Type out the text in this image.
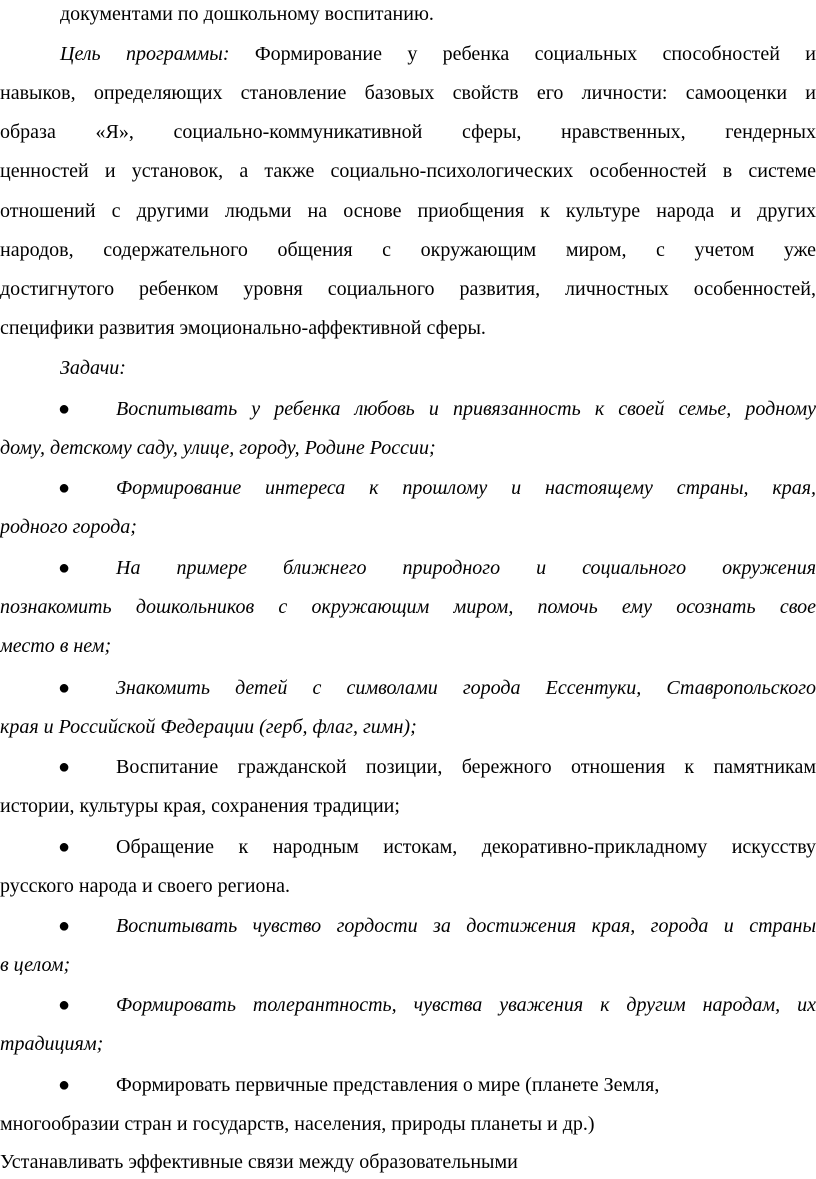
документами по дошкольному воспитанию.
Цель программы: Формирование у ребенка социальных способностей и
навыков, определяющих становление базовых свойств его личности: самооценки и
образа «Я», социально-коммуникативной сферы, нравственных, гендерных
ценностей и установок, а также социально-психологических особенностей в системе
отношений с другими людьми на основе приобщения к культуре народа и других
народов, содержательного общения с окружающим миром, с учетом уже
достигнутого ребенком уровня социального развития, личностных особенностей,
специфики развития эмоционально-аффективной сферы.
Задачи:
● Воспитывать у ребенка любовь и привязанность к своей семье, родному
дому, детскому саду, улице, городу, Родине России;
● Формирование интереса к прошлому и настоящему страны, края,
родного города;
● На примере ближнего природного и социального окружения
познакомить дошкольников с окружающим миром, помочь ему осознать свое
место в нем;
● Знакомить детей с символами города Ессентуки, Ставропольского
края и Российской Федерации (герб, флаг, гимн);
● Воспитание гражданской позиции, бережного отношения к памятникам
истории, культуры края, сохранения традиции;
● Обращение к народным истокам, декоративно-прикладному искусству
русского народа и своего региона.
● Воспитывать чувство гордости за достижения края, города и страны
в целом;
● Формировать толерантность, чувства уважения к другим народам, их
традициям;
● Формировать первичные представления о мире (планете Земля,
многообразии стран и государств, населения, природы планеты и др.)
Устанавливать эффективные связи между образовательными
